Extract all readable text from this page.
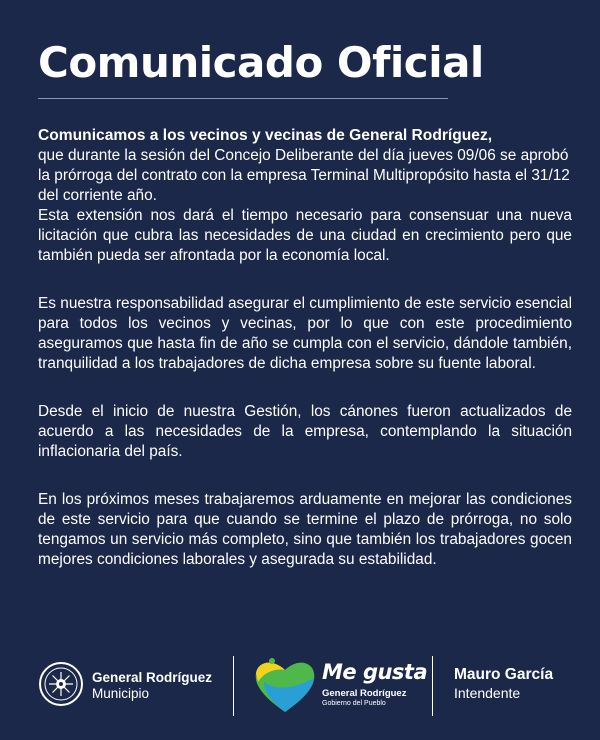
Comunicado Oficial

Comunicamos a los vecinos y vecinas de General Rodríguez,

que durante la sesión del Concejo Deliberante del día jueves 09/06 se aprobó la prórroga del contrato con la empresa Terminal Multipropósito hasta el 31/12 del corriente año.

Esta extensión nos dará el tiempo necesario para consensuar una nueva licitación que cubra las necesidades de una ciudad en crecimiento pero que también pueda ser afrontada por la economía local.

Es nuestra responsabilidad asegurar el cumplimiento de este servicio esencial para todos los vecinos y vecinas, por lo que con este procedimiento aseguramos que hasta fin de año se cumpla con el servicio, dándole también, tranquilidad a los trabajadores de dicha empresa sobre su fuente laboral.

Desde el inicio de nuestra Gestión, los cánones fueron actualizados de acuerdo a las necesidades de la empresa, contemplando la situación inflacionaria del país.

En los próximos meses trabajaremos arduamente en mejorar las condiciones de este servicio para que cuando se termine el plazo de prórroga, no solo tengamos un servicio más completo, sino que también los trabajadores gocen mejores condiciones laborales y asegurada su estabilidad.

General Rodríguez
Municipio
Me gusta
General Rodríguez
Gobierno del Pueblo
Mauro García
Intendente
